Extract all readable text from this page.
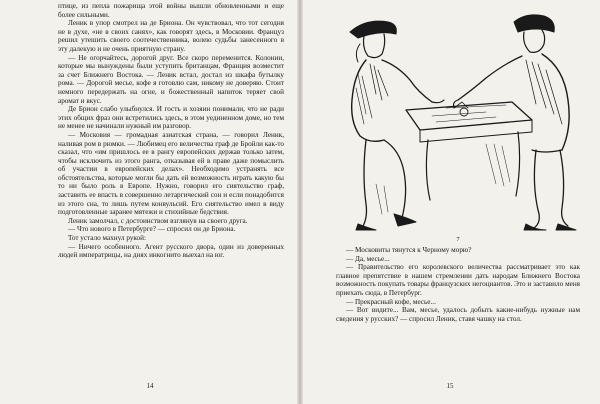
птице, из пепла пожарища этой войны вышли обновленными и еще более сильными.

Леник в упор смотрел на де Бриона. Он чувствовал, что тот сегодня не в духе, «не в своих санях», как говорят здесь, в Московии. Француз решил утешить своего соотечественника, волею судьбы занесенного в эту далекую и не очень приятную страну.

— Не огорчайтесь, дорогой друг. Все скоро переменится. Колонии, которые мы вынуждены были уступить британцам, Франция возместит за счет Ближнего Востока. — Леник встал, достал из шкафа бутылку рома. — Дорогой месье, кофе я готовлю сам, никому не доверяю. Стоит немного передержать на огне, и божественный напиток теряет свой аромат и вкус.

Де Брион слабо улыбнулся. И гость и хозяин понимали, что не ради этих общих фраз они встретились здесь, в этом уединенном доме, но тем не менее не начинали нужный им разговор.

— Московия — громадная азиатская страна, — говорил Леник, наливая ром в рюмки. — Любимец его величества граф де Бройли как-то сказал, что «им пришлось ее в рангу европейских держав только затем, чтобы исключить из этого ранга, отказывая ей в праве даже помыслить об участии в европейских делах». Необходимо устранять все обстоятельства, которые могли бы дать ей возможность играть какую бы то ни было роль в Европе. Нужно, говорил его сиятельство граф, заставить ее впасть в совершенно летаргический сон и если понадобится из этого сна, то лишь путем конвульсий. Его сиятельство имел в виду подготовленные заранее мятежи и стихийные бедствия.

Леник замолчал, с достоинством взглянув на своего друга.

— Что нового в Петербурге? — спросил он де Бриона.

Тот устало махнул рукой:

— Ничего особенного. Агент русского двора, один из доверенных людей императрицы, на днях инкогнито выехал на юг.

14
7

— Московиты тянутся к Черному морю?

— Да, месье...

— Правительство его королевского величества рассматривает это как главное препятствие в нашем стремлении дать народам Ближнего Востока возможность покупать товары французских негоциантов. Это и заставило меня приехать сюда, в Петербург.

— Прекрасный кофе, месье...

— Вот видите... Вам, месье, удалось добыть какие-нибудь нужные нам сведения у русских? — спросил Леник, ставя чашку на стол.

15
